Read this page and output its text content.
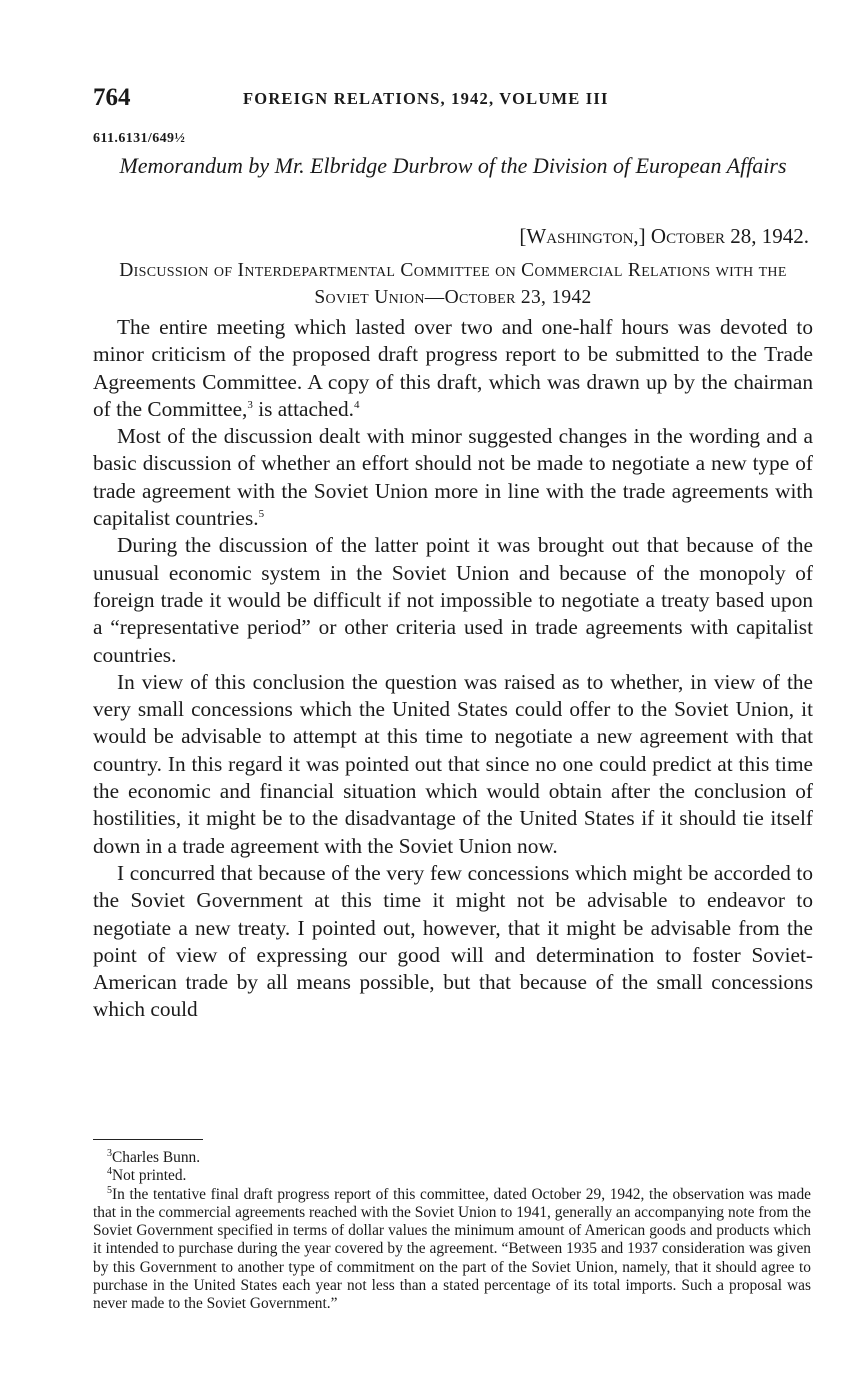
764	FOREIGN RELATIONS, 1942, VOLUME III
611.6131/649½
Memorandum by Mr. Elbridge Durbrow of the Division of European Affairs
[Washington,] October 28, 1942.
Discussion of Interdepartmental Committee on Commercial Relations with the Soviet Union—October 23, 1942

The entire meeting which lasted over two and one-half hours was devoted to minor criticism of the proposed draft progress report to be submitted to the Trade Agreements Committee. A copy of this draft, which was drawn up by the chairman of the Committee,$^3$ is attached.$^4$

Most of the discussion dealt with minor suggested changes in the wording and a basic discussion of whether an effort should not be made to negotiate a new type of trade agreement with the Soviet Union more in line with the trade agreements with capitalist countries.$^5$

During the discussion of the latter point it was brought out that because of the unusual economic system in the Soviet Union and because of the monopoly of foreign trade it would be difficult if not impossible to negotiate a treaty based upon a “representative period” or other criteria used in trade agreements with capitalist countries.

In view of this conclusion the question was raised as to whether, in view of the very small concessions which the United States could offer to the Soviet Union, it would be advisable to attempt at this time to negotiate a new agreement with that country. In this regard it was pointed out that since no one could predict at this time the economic and financial situation which would obtain after the conclusion of hostilities, it might be to the disadvantage of the United States if it should tie itself down in a trade agreement with the Soviet Union now.

I concurred that because of the very few concessions which might be accorded to the Soviet Government at this time it might not be advisable to endeavor to negotiate a new treaty. I pointed out, however, that it might be advisable from the point of view of expressing our good will and determination to foster Soviet-American trade by all means possible, but that because of the small concessions which could

$^3$Charles Bunn.

$^4$Not printed.

$^5$In the tentative final draft progress report of this committee, dated October 29, 1942, the observation was made that in the commercial agreements reached with the Soviet Union to 1941, generally an accompanying note from the Soviet Government specified in terms of dollar values the minimum amount of American goods and products which it intended to purchase during the year covered by the agreement. “Between 1935 and 1937 consideration was given by this Government to another type of commitment on the part of the Soviet Union, namely, that it should agree to purchase in the United States each year not less than a stated percentage of its total imports. Such a proposal was never made to the Soviet Government.”
